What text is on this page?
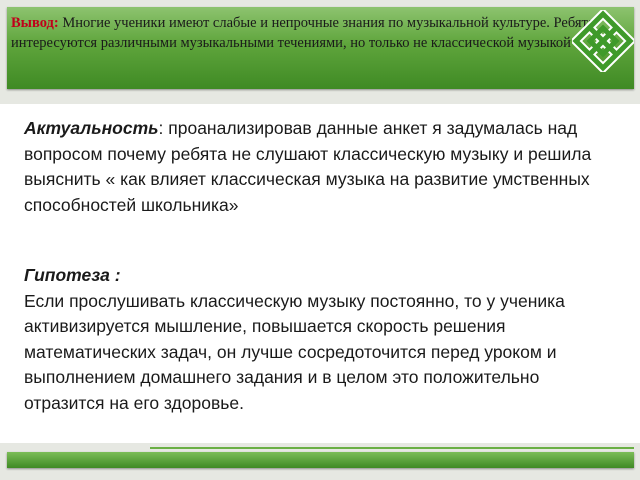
Вывод: Многие ученики имеют слабые и непрочные знания по музыкальной культуре. Ребята интересуются различными музыкальными течениями, но только не классической музыкой
Актуальность: проанализировав данные анкет я задумалась над вопросом почему ребята не слушают классическую музыку и решила выяснить « как влияет классическая музыка на развитие умственных способностей школьника»
Гипотеза :
Если прослушивать классическую музыку постоянно, то у ученика активизируется мышление, повышается скорость решения математических задач, он лучше сосредоточится перед уроком и выполнением домашнего задания и в целом это положительно отразится на его здоровье.
